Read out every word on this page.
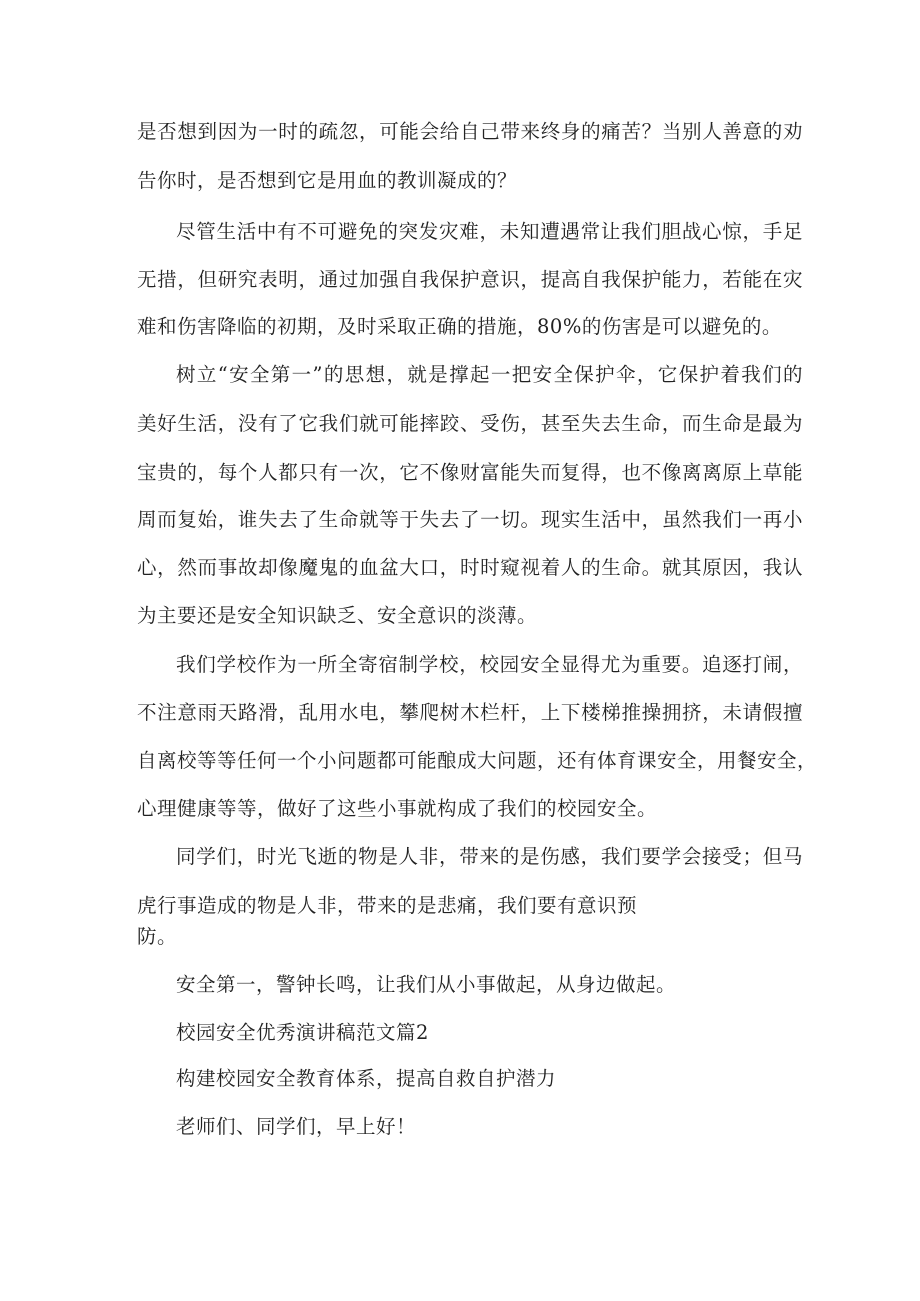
是否想到因为一时的疏忽，可能会给自己带来终身的痛苦？当别人善意的劝
告你时，是否想到它是用血的教训凝成的？
尽管生活中有不可避免的突发灾难，未知遭遇常让我们胆战心惊，手足
无措，但研究表明，通过加强自我保护意识，提高自我保护能力，若能在灾
难和伤害降临的初期，及时采取正确的措施，80%的伤害是可以避免的。
树立“安全第一”的思想，就是撑起一把安全保护伞，它保护着我们的
美好生活，没有了它我们就可能摔跤、受伤，甚至失去生命，而生命是最为
宝贵的，每个人都只有一次，它不像财富能失而复得，也不像离离原上草能
周而复始，谁失去了生命就等于失去了一切。现实生活中，虽然我们一再小
心，然而事故却像魔鬼的血盆大口，时时窥视着人的生命。就其原因，我认
为主要还是安全知识缺乏、安全意识的淡薄。
我们学校作为一所全寄宿制学校，校园安全显得尤为重要。追逐打闹，
不注意雨天路滑，乱用水电，攀爬树木栏杆，上下楼梯推操拥挤，未请假擅
自离校等等任何一个小问题都可能酿成大问题，还有体育课安全，用餐安全，
心理健康等等，做好了这些小事就构成了我们的校园安全。
同学们，时光飞逝的物是人非，带来的是伤感，我们要学会接受；但马
虎行事造成的物是人非，带来的是悲痛，我们要有意识预
防。
安全第一，警钟长鸣，让我们从小事做起，从身边做起。
校园安全优秀演讲稿范文篇2
构建校园安全教育体系，提高自救自护潜力
老师们、同学们，早上好！
